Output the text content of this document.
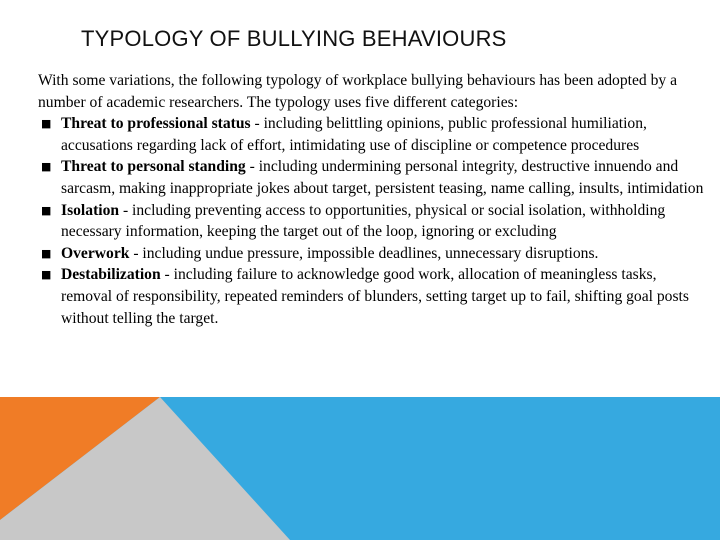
TYPOLOGY OF BULLYING BEHAVIOURS

With some variations, the following typology of workplace bullying behaviours has been adopted by a number of academic researchers. The typology uses five different categories:

■ Threat to professional status - including belittling opinions, public professional humiliation, accusations regarding lack of effort, intimidating use of discipline or competence procedures
■ Threat to personal standing - including undermining personal integrity, destructive innuendo and sarcasm, making inappropriate jokes about target, persistent teasing, name calling, insults, intimidation
■ Isolation - including preventing access to opportunities, physical or social isolation, withholding necessary information, keeping the target out of the loop, ignoring or excluding
■ Overwork - including undue pressure, impossible deadlines, unnecessary disruptions.
■ Destabilization - including failure to acknowledge good work, allocation of meaningless tasks, removal of responsibility, repeated reminders of blunders, setting target up to fail, shifting goal posts without telling the target.
